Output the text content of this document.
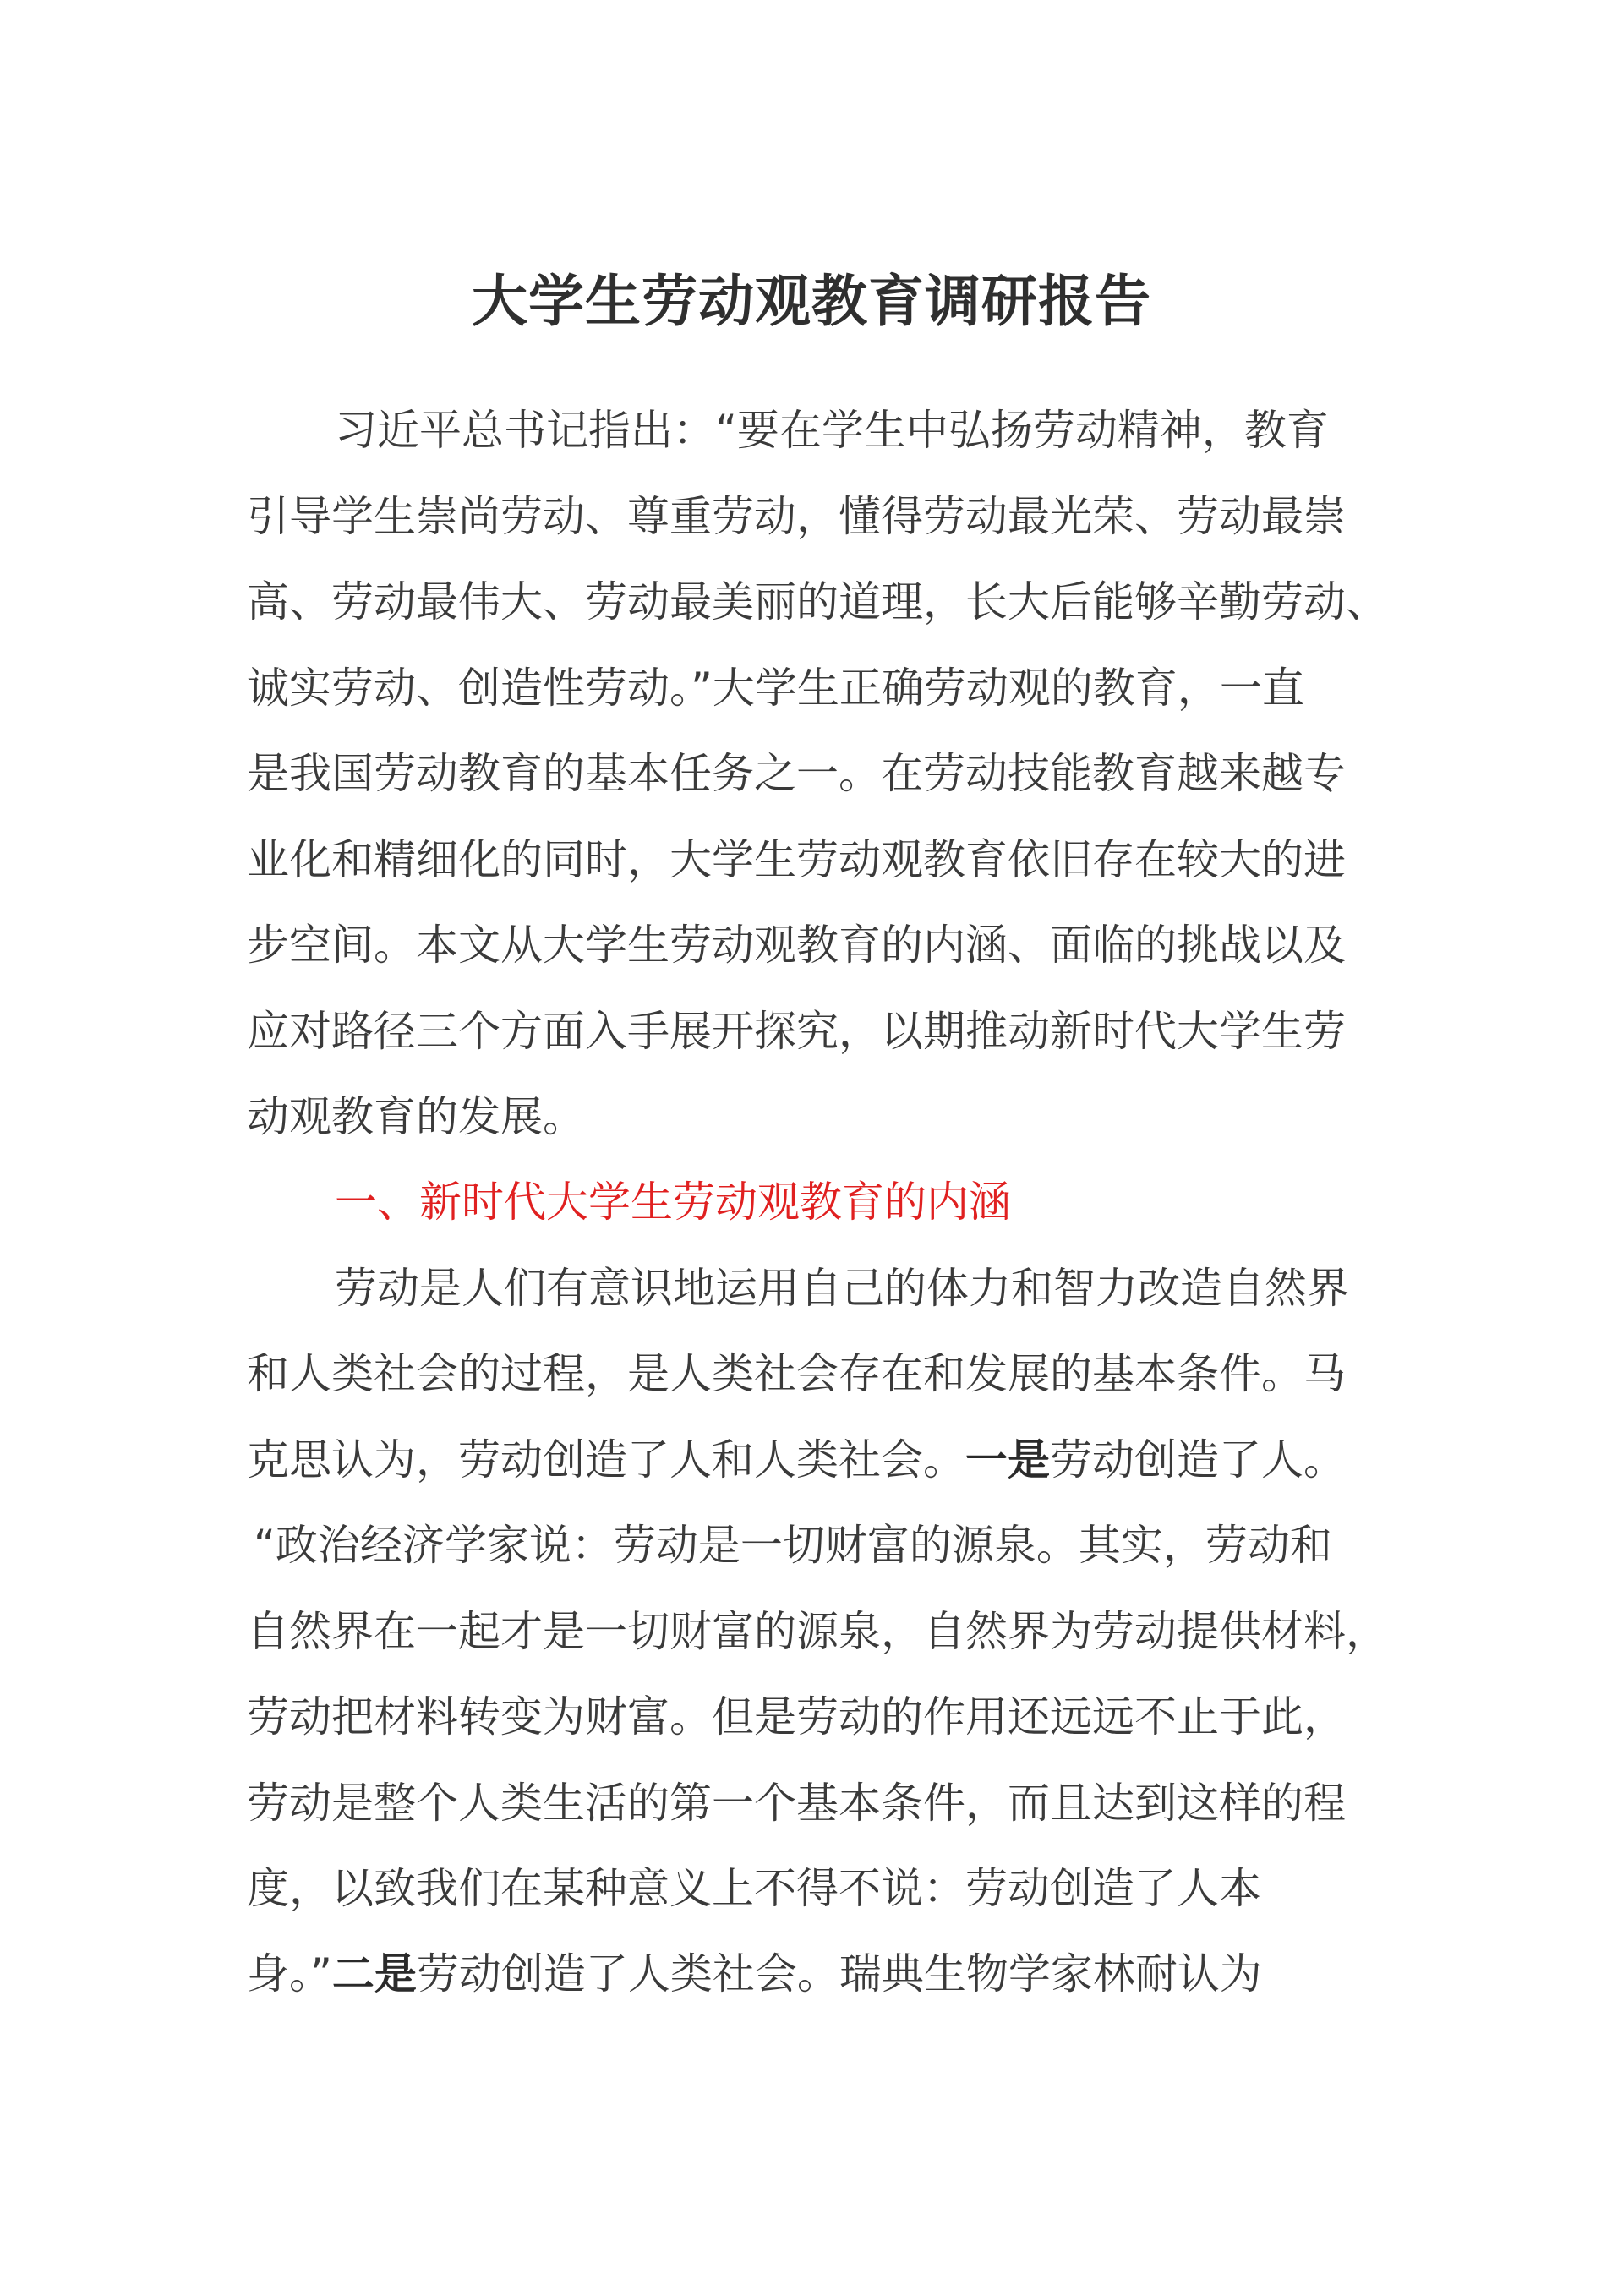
大学生劳动观教育调研报告
习近平总书记指出：“要在学生中弘扬劳动精神，教育
引导学生崇尚劳动、尊重劳动，懂得劳动最光荣、劳动最崇
高、劳动最伟大、劳动最美丽的道理，长大后能够辛勤劳动、
诚实劳动、创造性劳动。”大学生正确劳动观的教育，一直
是我国劳动教育的基本任务之一。在劳动技能教育越来越专
业化和精细化的同时，大学生劳动观教育依旧存在较大的进
步空间。本文从大学生劳动观教育的内涵、面临的挑战以及
应对路径三个方面入手展开探究，以期推动新时代大学生劳
动观教育的发展。
一、新时代大学生劳动观教育的内涵
劳动是人们有意识地运用自己的体力和智力改造自然界
和人类社会的过程，是人类社会存在和发展的基本条件。马
克思认为，劳动创造了人和人类社会。一是劳动创造了人。
“政治经济学家说：劳动是一切财富的源泉。其实，劳动和
自然界在一起才是一切财富的源泉，自然界为劳动提供材料，
劳动把材料转变为财富。但是劳动的作用还远远不止于此，
劳动是整个人类生活的第一个基本条件，而且达到这样的程
度，以致我们在某种意义上不得不说：劳动创造了人本
身。”二是劳动创造了人类社会。瑞典生物学家林耐认为
